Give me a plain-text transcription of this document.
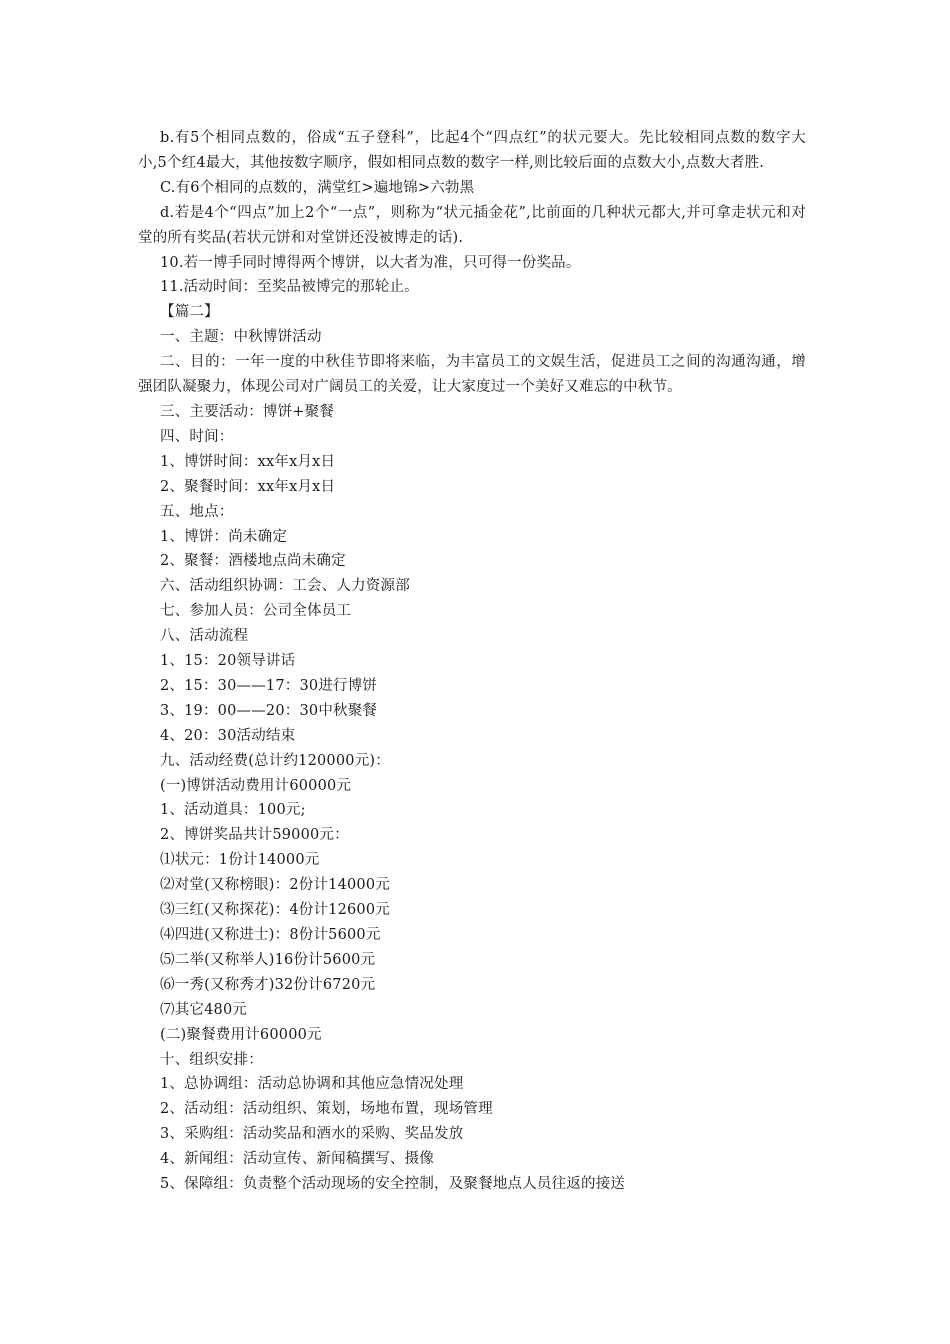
b.有5个相同点数的，俗成“五子登科”，比起4个“四点红”的状元要大。先比较相同点数的数字大小,5个红4最大，其他按数字顺序，假如相同点数的数字一样,则比较后面的点数大小,点数大者胜.

C.有6个相同的点数的，满堂红>遍地锦>六勃黑

d.若是4个“四点”加上2个“一点”，则称为“状元插金花”,比前面的几种状元都大,并可拿走状元和对堂的所有奖品(若状元饼和对堂饼还没被博走的话).

10.若一博手同时博得两个博饼，以大者为准，只可得一份奖品。

11.活动时间：至奖品被博完的那轮止。

【篇二】

一、主题：中秋博饼活动

二、目的：一年一度的中秋佳节即将来临，为丰富员工的文娱生活，促进员工之间的沟通沟通，增强团队凝聚力，体现公司对广阔员工的关爱，让大家度过一个美好又难忘的中秋节。

三、主要活动：博饼+聚餐

四、时间：

1、博饼时间：xx年x月x日

2、聚餐时间：xx年x月x日

五、地点：

1、博饼：尚未确定

2、聚餐：酒楼地点尚未确定

六、活动组织协调：工会、人力资源部

七、参加人员：公司全体员工

八、活动流程

1、15：20领导讲话

2、15：30——17：30进行博饼

3、19：00——20：30中秋聚餐

4、20：30活动结束

九、活动经费(总计约120000元)：

(一)博饼活动费用计60000元

1、活动道具：100元;

2、博饼奖品共计59000元：

⑴状元：1份计14000元

⑵对堂(又称榜眼)：2份计14000元

⑶三红(又称探花)：4份计12600元

⑷四进(又称进士)：8份计5600元

⑸二举(又称举人)16份计5600元

⑹一秀(又称秀才)32份计6720元

⑺其它480元

(二)聚餐费用计60000元

十、组织安排：

1、总协调组：活动总协调和其他应急情况处理

2、活动组：活动组织、策划，场地布置，现场管理

3、采购组：活动奖品和酒水的采购、奖品发放

4、新闻组：活动宣传、新闻稿撰写、摄像

5、保障组：负责整个活动现场的安全控制，及聚餐地点人员往返的接送
